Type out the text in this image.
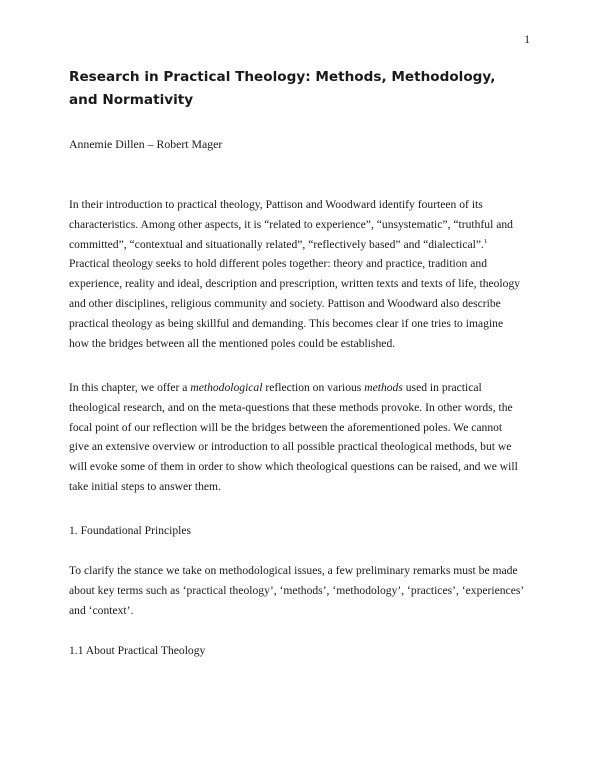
1
Research in Practical Theology: Methods, Methodology,
and Normativity
Annemie Dillen – Robert Mager

In their introduction to practical theology, Pattison and Woodward identify fourteen of its
characteristics. Among other aspects, it is “related to experience”, “unsystematic”, “truthful and
committed”, “contextual and situationally related”, “reflectively based” and “dialectical”.$^1$
Practical theology seeks to hold different poles together: theory and practice, tradition and
experience, reality and ideal, description and prescription, written texts and texts of life, theology
and other disciplines, religious community and society. Pattison and Woodward also describe
practical theology as being skillful and demanding. This becomes clear if one tries to imagine
how the bridges between all the mentioned poles could be established.

In this chapter, we offer a methodological reflection on various methods used in practical
theological research, and on the meta-questions that these methods provoke. In other words, the
focal point of our reflection will be the bridges between the aforementioned poles. We cannot
give an extensive overview or introduction to all possible practical theological methods, but we
will evoke some of them in order to show which theological questions can be raised, and we will
take initial steps to answer them.

1. Foundational Principles

To clarify the stance we take on methodological issues, a few preliminary remarks must be made
about key terms such as ‘practical theology’, ‘methods’, ‘methodology’, ‘practices’, ‘experiences’
and ‘context’.

1.1 About Practical Theology
